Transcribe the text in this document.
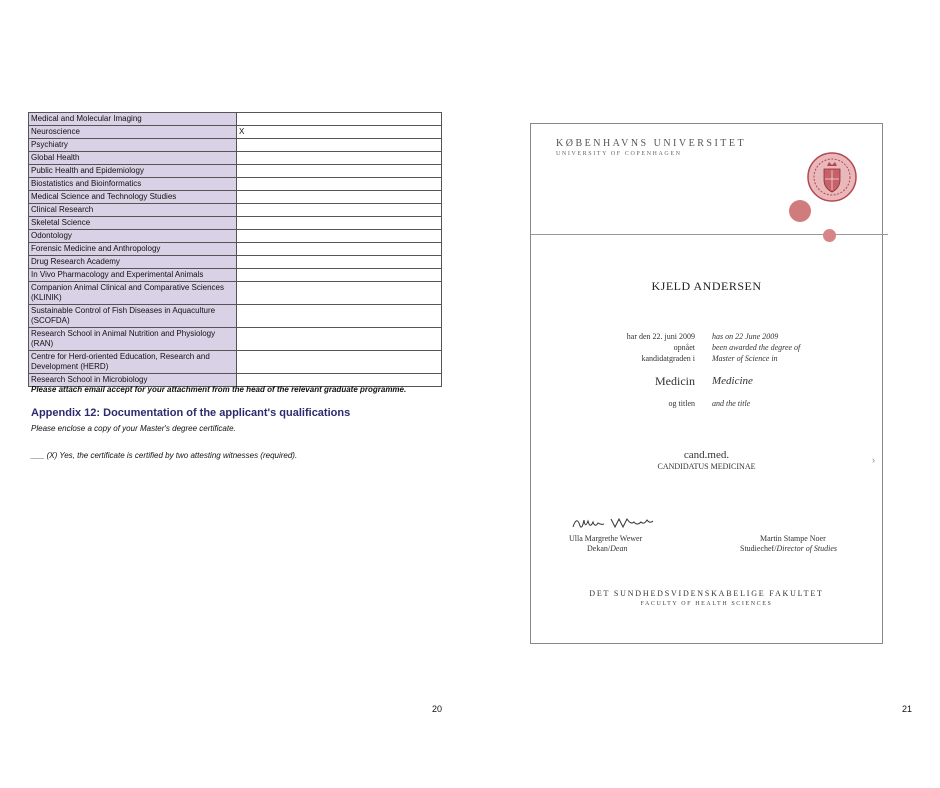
Medical and Molecular Imaging	
Neuroscience	X
Psychiatry	
Global Health	
Public Health and Epidemiology	
Biostatistics and Bioinformatics	
Medical Science and Technology Studies	
Clinical Research	
Skeletal Science	
Odontology	
Forensic Medicine and Anthropology	
Drug Research Academy	
In Vivo Pharmacology and Experimental Animals	
Companion Animal Clinical and Comparative Sciences (KLINIK)	
Sustainable Control of Fish Diseases in Aquaculture (SCOFDA)	
Research School in Animal Nutrition and Physiology (RAN)	
Centre for Herd-oriented Education, Research and Development (HERD)	
Research School in Microbiology	
Please attach email accept for your attachment from the head of the relevant graduate programme.
Appendix 12: Documentation of the applicant's qualifications
Please enclose a copy of your Master's degree certificate.
___ (X) Yes, the certificate is certified by two attesting witnesses (required).
20
KØBENHAVNS UNIVERSITET
UNIVERSITY OF COPENHAGEN
KJELD ANDERSEN
har den 22. juni 2009
opnået
kandidatgraden i
has on 22 June 2009
been awarded the degree of
Master of Science in
Medicin Medicine
og titlen and the title
cand.med.
CANDIDATUS MEDICINAE
Ulla Margrethe Wewer
Dekan/Dean
Martin Stampe Noer
Studiechef/Director of Studies
DET SUNDHEDSVIDENSKABELIGE FAKULTET
FACULTY OF HEALTH SCIENCES
›
21
